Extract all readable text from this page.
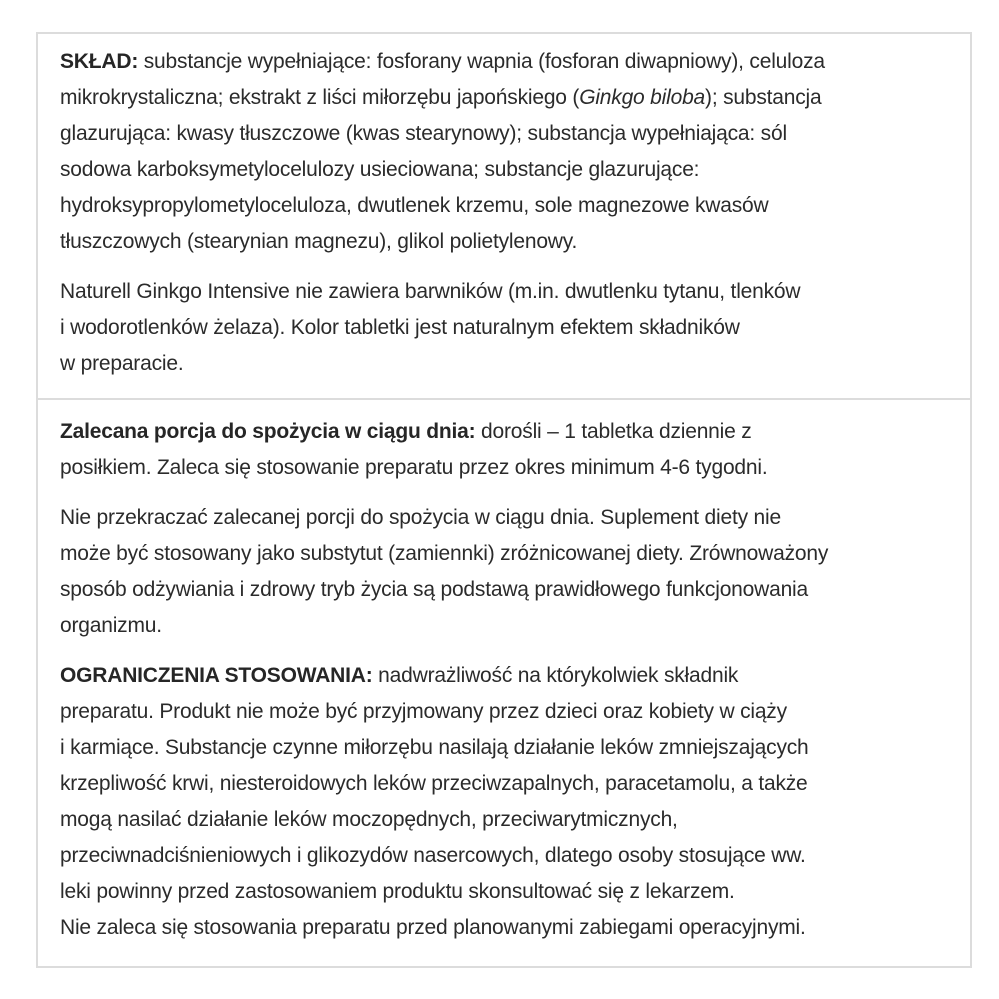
SKŁAD: substancje wypełniające: fosforany wapnia (fosforan diwapniowy), celuloza
mikrokrystaliczna; ekstrakt z liści miłorzębu japońskiego (Ginkgo biloba); substancja
glazurująca: kwasy tłuszczowe (kwas stearynowy); substancja wypełniająca: sól
sodowa karboksymetylocelulozy usieciowana; substancje glazurujące:
hydroksypropylometyloceluloza, dwutlenek krzemu, sole magnezowe kwasów
tłuszczowych (stearynian magnezu), glikol polietylenowy.

Naturell Ginkgo Intensive nie zawiera barwników (m.in. dwutlenku tytanu, tlenków
i wodorotlenków żelaza). Kolor tabletki jest naturalnym efektem składników
w preparacie.

Zalecana porcja do spożycia w ciągu dnia: dorośli – 1 tabletka dziennie z
posiłkiem. Zaleca się stosowanie preparatu przez okres minimum 4-6 tygodni.

Nie przekraczać zalecanej porcji do spożycia w ciągu dnia. Suplement diety nie
może być stosowany jako substytut (zamiennki) zróżnicowanej diety. Zrównoważony
sposób odżywiania i zdrowy tryb życia są podstawą prawidłowego funkcjonowania
organizmu.

OGRANICZENIA STOSOWANIA: nadwrażliwość na którykolwiek składnik
preparatu. Produkt nie może być przyjmowany przez dzieci oraz kobiety w ciąży
i karmiące. Substancje czynne miłorzębu nasilają działanie leków zmniejszających
krzepliwość krwi, niesteroidowych leków przeciwzapalnych, paracetamolu, a także
mogą nasilać działanie leków moczopędnych, przeciwarytmicznych,
przeciwnadciśnieniowych i glikozydów nasercowych, dlatego osoby stosujące ww.
leki powinny przed zastosowaniem produktu skonsultować się z lekarzem.
Nie zaleca się stosowania preparatu przed planowanymi zabiegami operacyjnymi.
